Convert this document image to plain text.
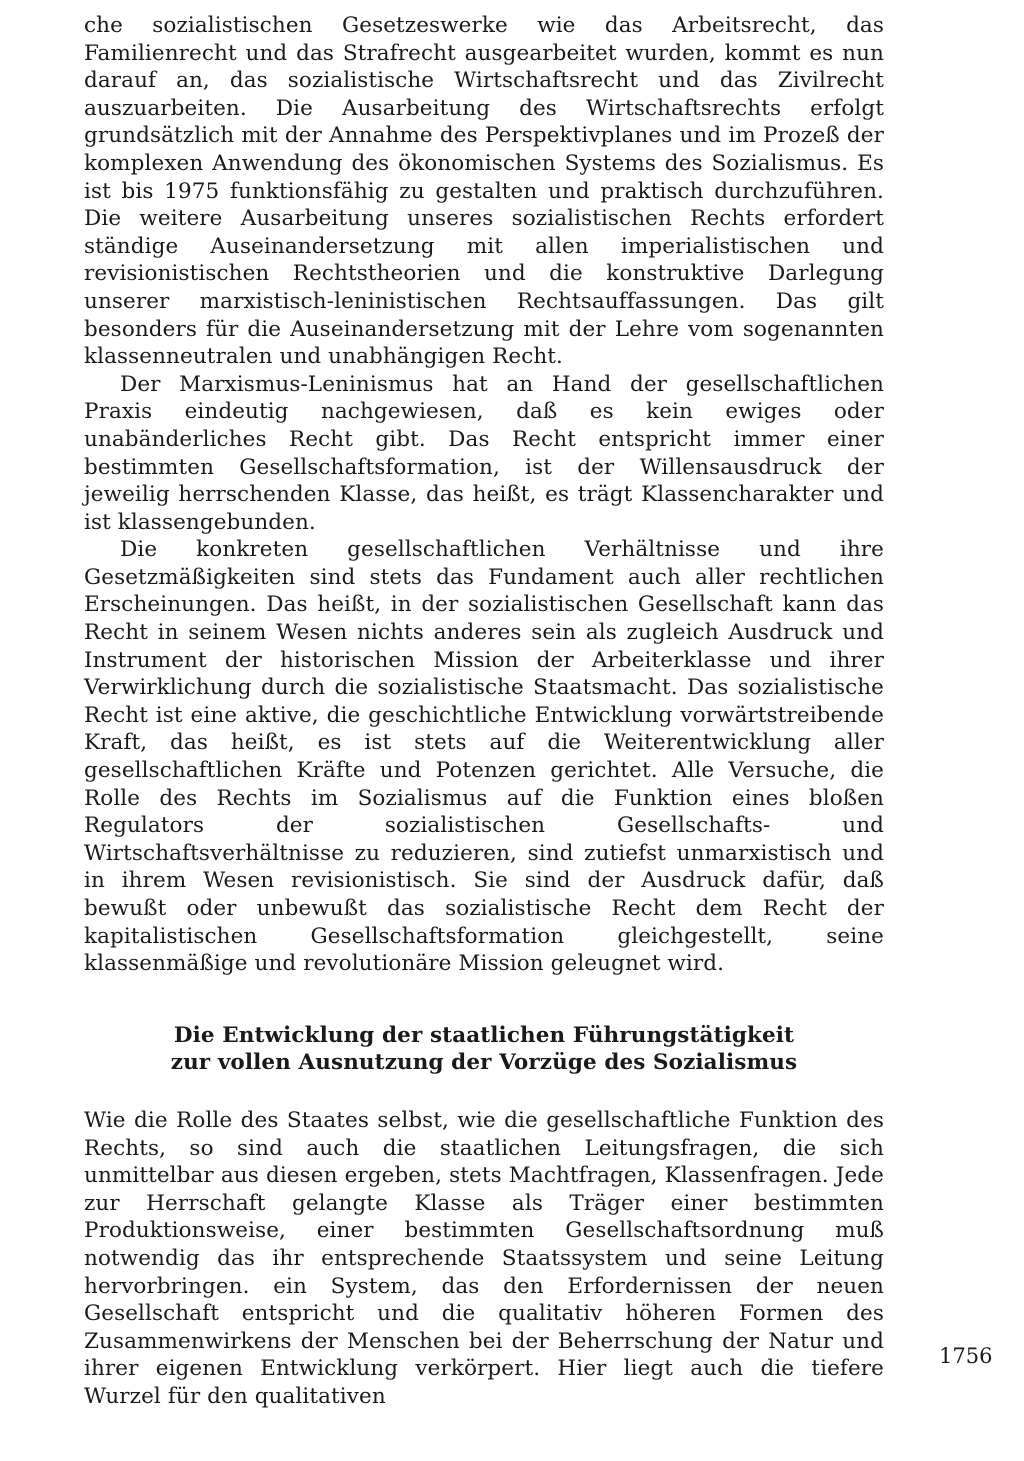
che sozialistischen Gesetzeswerke wie das Arbeitsrecht, das Familienrecht und das Strafrecht ausgearbeitet wurden, kommt es nun darauf an, das sozialistische Wirtschaftsrecht und das Zivilrecht auszuarbeiten. Die Ausarbeitung des Wirtschaftsrechts erfolgt grundsätzlich mit der Annahme des Perspektivplanes und im Prozeß der komplexen Anwendung des ökonomischen Systems des Sozialismus. Es ist bis 1975 funktionsfähig zu gestalten und praktisch durchzuführen. Die weitere Ausarbeitung unseres sozialistischen Rechts erfordert ständige Auseinandersetzung mit allen imperialistischen und revisionistischen Rechtstheorien und die konstruktive Darlegung unserer marxistisch-leninistischen Rechtsauffassungen. Das gilt besonders für die Auseinandersetzung mit der Lehre vom sogenannten klassenneutralen und unabhängigen Recht.

Der Marxismus-Leninismus hat an Hand der gesellschaftlichen Praxis eindeutig nachgewiesen, daß es kein ewiges oder unabänderliches Recht gibt. Das Recht entspricht immer einer bestimmten Gesellschaftsformation, ist der Willensausdruck der jeweilig herrschenden Klasse, das heißt, es trägt Klassencharakter und ist klassengebunden.

Die konkreten gesellschaftlichen Verhältnisse und ihre Gesetzmäßigkeiten sind stets das Fundament auch aller rechtlichen Erscheinungen. Das heißt, in der sozialistischen Gesellschaft kann das Recht in seinem Wesen nichts anderes sein als zugleich Ausdruck und Instrument der historischen Mission der Arbeiterklasse und ihrer Verwirklichung durch die sozialistische Staatsmacht. Das sozialistische Recht ist eine aktive, die geschichtliche Entwicklung vorwärtstreibende Kraft, das heißt, es ist stets auf die Weiterentwicklung aller gesellschaftlichen Kräfte und Potenzen gerichtet. Alle Versuche, die Rolle des Rechts im Sozialismus auf die Funktion eines bloßen Regulators der sozialistischen Gesellschafts- und Wirtschaftsverhältnisse zu reduzieren, sind zutiefst unmarxistisch und in ihrem Wesen revisionistisch. Sie sind der Ausdruck dafür, daß bewußt oder unbewußt das sozialistische Recht dem Recht der kapitalistischen Gesellschaftsformation gleichgestellt, seine klassenmäßige und revolutionäre Mission geleugnet wird.

Die Entwicklung der staatlichen Führungstätigkeit
zur vollen Ausnutzung der Vorzüge des Sozialismus

Wie die Rolle des Staates selbst, wie die gesellschaftliche Funktion des Rechts, so sind auch die staatlichen Leitungsfragen, die sich unmittelbar aus diesen ergeben, stets Machtfragen, Klassenfragen. Jede zur Herrschaft gelangte Klasse als Träger einer bestimmten Produktionsweise, einer bestimmten Gesellschaftsordnung muß notwendig das ihr entsprechende Staatssystem und seine Leitung hervorbringen. ein System, das den Erfordernissen der neuen Gesellschaft entspricht und die qualitativ höheren Formen des Zusammenwirkens der Menschen bei der Beherrschung der Natur und ihrer eigenen Entwicklung verkörpert. Hier liegt auch die tiefere Wurzel für den qualitativen

1756
